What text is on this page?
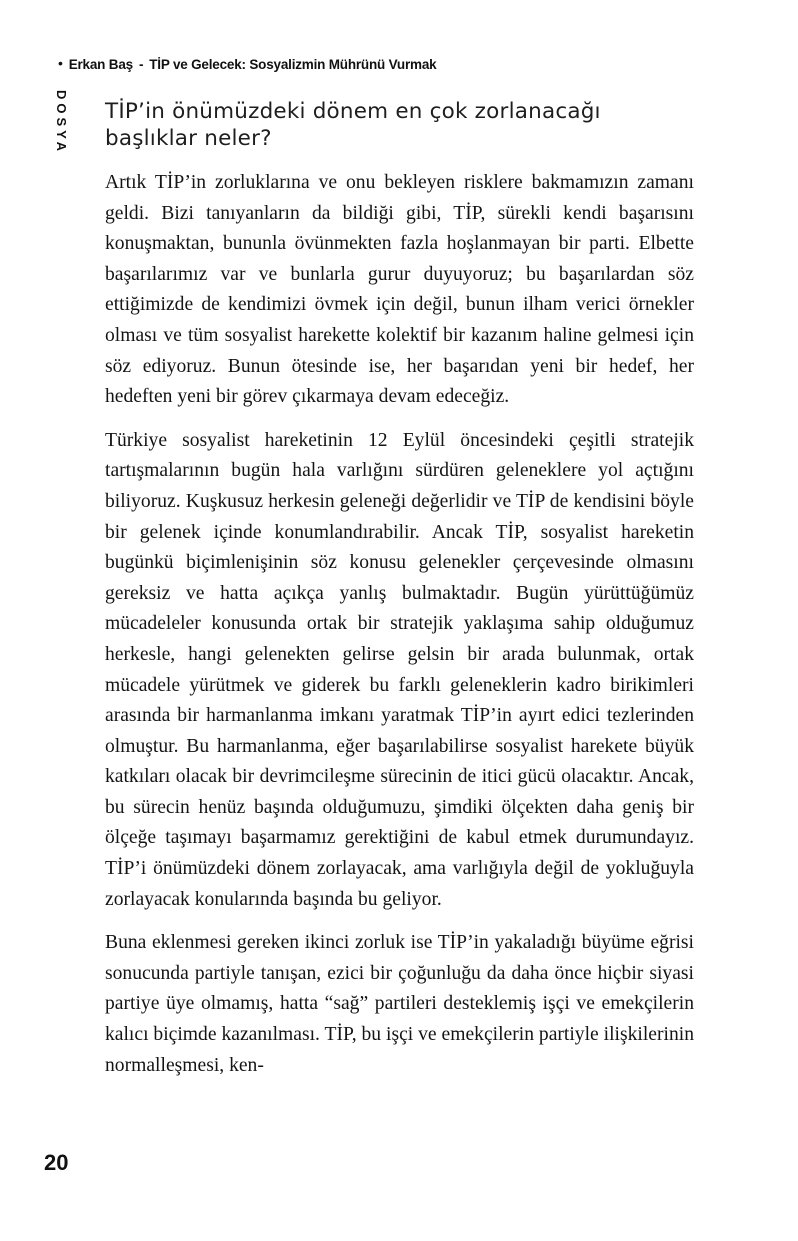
• Erkan Baş - TİP ve Gelecek: Sosyalizmin Mührünü Vurmak
DOSYA TİP’in önümüzdeki dönem en çok zorlanacağı başlıklar neler?

Artık TİP’in zorluklarına ve onu bekleyen risklere bakmamızın zamanı geldi. Bizi tanıyanların da bildiği gibi, TİP, sürekli kendi başarısını konuşmaktan, bununla övünmekten fazla hoşlanmayan bir parti. Elbette başarılarımız var ve bunlarla gurur duyuyoruz; bu başarılardan söz ettiğimizde de kendimizi övmek için değil, bunun ilham verici örnekler olması ve tüm sosyalist harekette kolektif bir kazanım haline gelmesi için söz ediyoruz. Bunun ötesinde ise, her başarıdan yeni bir hedef, her hedeften yeni bir görev çıkarmaya devam edeceğiz.

Türkiye sosyalist hareketinin 12 Eylül öncesindeki çeşitli stratejik tartışmalarının bugün hala varlığını sürdüren geleneklere yol açtığını biliyoruz. Kuşkusuz herkesin geleneği değerlidir ve TİP de kendisini böyle bir gelenek içinde konumlandırabilir. Ancak TİP, sosyalist hareketin bugünkü biçimlenişinin söz konusu gelenekler çerçevesinde olmasını gereksiz ve hatta açıkça yanlış bulmaktadır. Bugün yürüttüğümüz mücadeleler konusunda ortak bir stratejik yaklaşıma sahip olduğumuz herkesle, hangi gelenekten gelirse gelsin bir arada bulunmak, ortak mücadele yürütmek ve giderek bu farklı geleneklerin kadro birikimleri arasında bir harmanlanma imkanı yaratmak TİP’in ayırt edici tezlerinden olmuştur. Bu harmanlanma, eğer başarılabilirse sosyalist harekete büyük katkıları olacak bir devrimcileşme sürecinin de itici gücü olacaktır. Ancak, bu sürecin henüz başında olduğumuzu, şimdiki ölçekten daha geniş bir ölçeğe taşımayı başarmamız gerektiğini de kabul etmek durumundayız. TİP’i önümüzdeki dönem zorlayacak, ama varlığıyla değil de yokluğuyla zorlayacak konularında başında bu geliyor.

Buna eklenmesi gereken ikinci zorluk ise TİP’in yakaladığı büyüme eğrisi sonucunda partiyle tanışan, ezici bir çoğunluğu da daha önce hiçbir siyasi partiye üye olmamış, hatta “sağ” partileri desteklemiş işçi ve emekçilerin kalıcı biçimde kazanılması. TİP, bu işçi ve emekçilerin partiyle ilişkilerinin normalleşmesi, ken-

20
